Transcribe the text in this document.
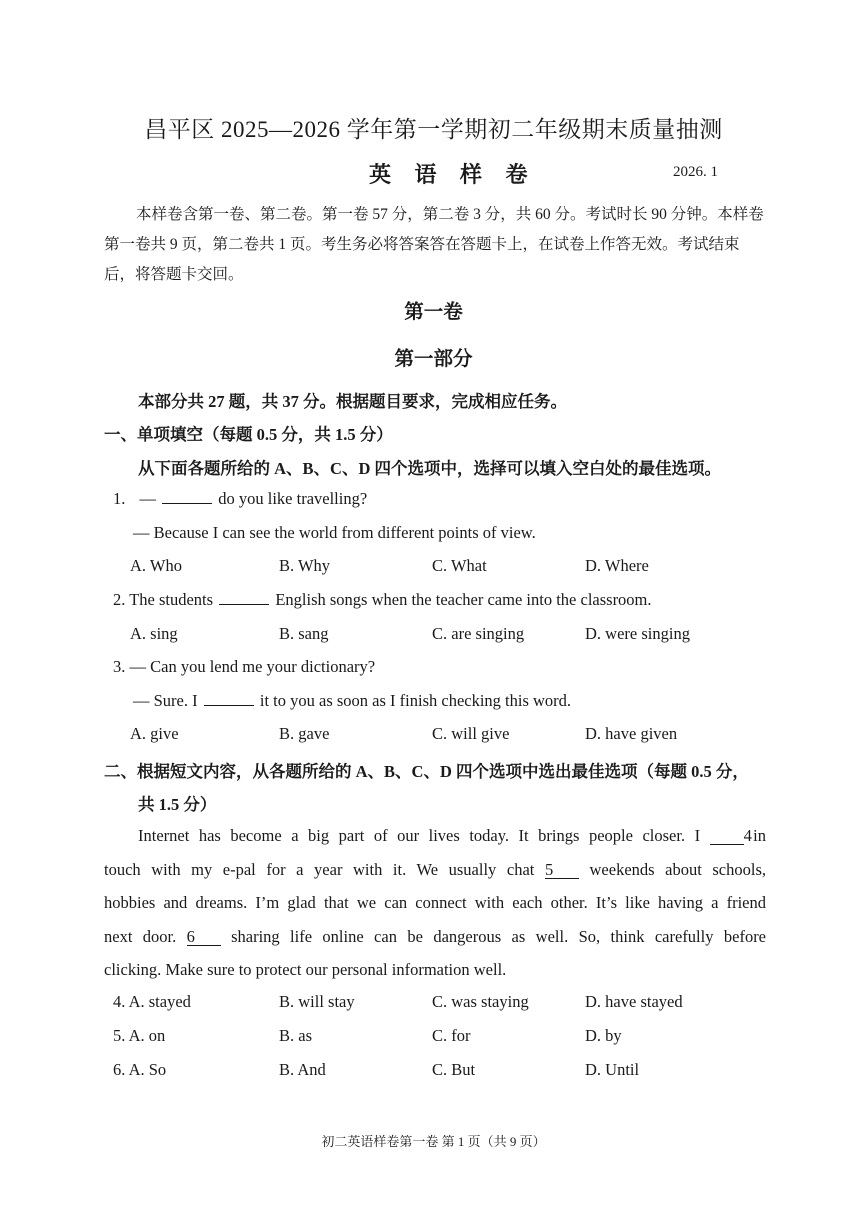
昌平区 2025—2026 学年第一学期初二年级期末质量抽测
英 语 样 卷	2026. 1
本样卷含第一卷、第二卷。第一卷 57 分，第二卷 3 分，共 60 分。考试时长 90 分钟。本样卷第一卷共 9 页，第二卷共 1 页。考生务必将答案答在答题卡上，在试卷上作答无效。考试结束后，将答题卡交回。
第一卷
第一部分
本部分共 27 题，共 37 分。根据题目要求，完成相应任务。
一、单项填空（每题 0.5 分，共 1.5 分）
从下面各题所给的 A、B、C、D 四个选项中，选择可以填入空白处的最佳选项。
1. —	do you like travelling?
— Because I can see the world from different points of view.
A. Who	B. Why	C. What	D. Where
2. The students	English songs when the teacher came into the classroom.
A. sing	B. sang	C. are singing	D. were singing
3. — Can you lend me your dictionary?
— Sure. I	it to you as soon as I finish checking this word.
A. give	B. gave	C. will give	D. have given
二、根据短文内容，从各题所给的 A、B、C、D 四个选项中选出最佳选项（每题 0.5 分，
共 1.5 分）
Internet has become a big part of our lives today. It brings people closer. I	4 in
touch with my e-pal for a year with it. We usually chat 5 weekends about schools,
hobbies and dreams. I’m glad that we can connect with each other. It’s like having a friend
next door. 6 sharing life online can be dangerous as well. So, think carefully before
clicking. Make sure to protect our personal information well.
4. A. stayed	B. will stay	C. was staying	D. have stayed
5. A. on	B. as	C. for	D. by
6. A. So	B. And	C. But	D. Until
初二英语样卷第一卷 第 1 页（共 9 页）
